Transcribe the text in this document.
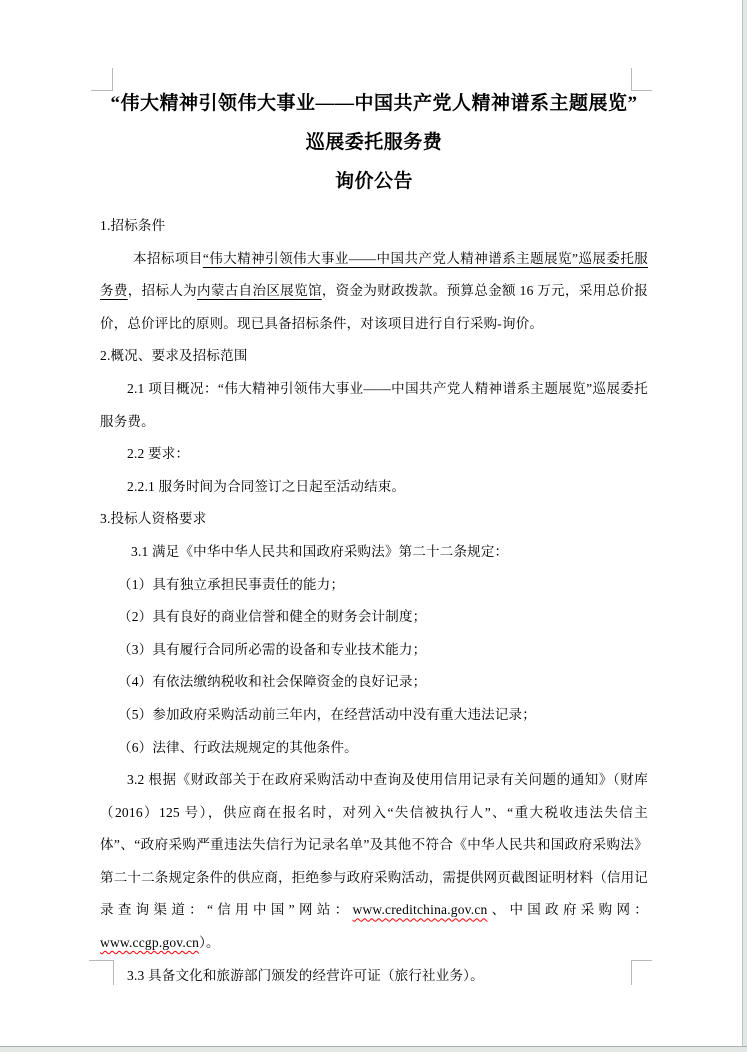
“伟大精神引领伟大事业——中国共产党人精神谱系主题展览”
巡展委托服务费
询价公告

1.招标条件

本招标项目“伟大精神引领伟大事业——中国共产党人精神谱系主题展览”巡展委托服务费，招标人为内蒙古自治区展览馆，资金为财政拨款。预算总金额 16 万元，采用总价报价，总价评比的原则。现已具备招标条件，对该项目进行自行采购-询价。

2.概况、要求及招标范围

2.1 项目概况：“伟大精神引领伟大事业——中国共产党人精神谱系主题展览”巡展委托服务费。

2.2 要求：

2.2.1 服务时间为合同签订之日起至活动结束。

3.投标人资格要求

3.1 满足《中华中华人民共和国政府采购法》第二十二条规定：

（1）具有独立承担民事责任的能力；

（2）具有良好的商业信誉和健全的财务会计制度；

（3）具有履行合同所必需的设备和专业技术能力；

（4）有依法缴纳税收和社会保障资金的良好记录；

（5）参加政府采购活动前三年内，在经营活动中没有重大违法记录；

（6）法律、行政法规规定的其他条件。

3.2 根据《财政部关于在政府采购活动中查询及使用信用记录有关问题的通知》（财库（2016）125 号），供应商在报名时，对列入“失信被执行人”、“重大税收违法失信主体”、“政府采购严重违法失信行为记录名单”及其他不符合《中华人民共和国政府采购法》第二十二条规定条件的供应商，拒绝参与政府采购活动，需提供网页截图证明材料（信用记录查询渠道：“信用中国”网站：www.creditchina.gov.cn、中国政府采购网：www.ccgp.gov.cn）。

3.3 具备文化和旅游部门颁发的经营许可证（旅行社业务）。
